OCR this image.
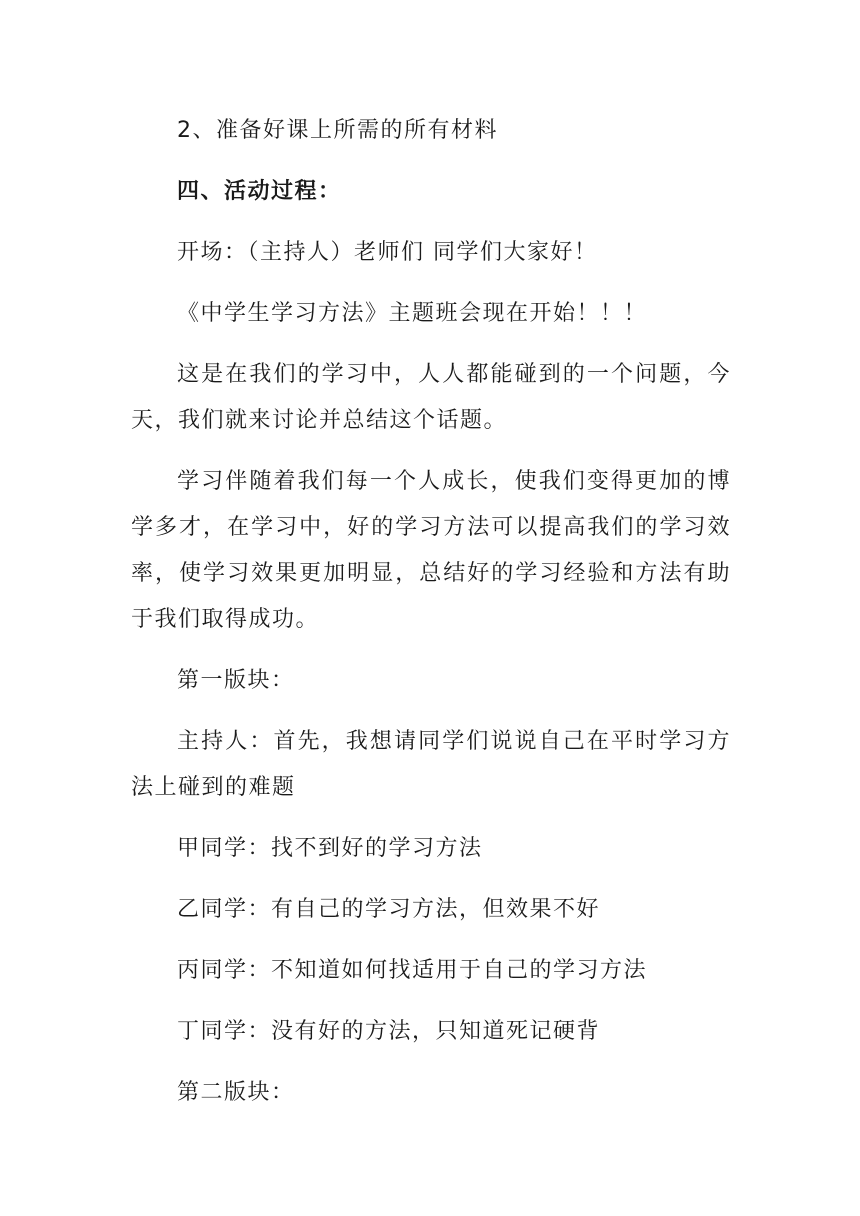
2、准备好课上所需的所有材料

四、活动过程：

开场：（主持人）老师们 同学们大家好！

《中学生学习方法》主题班会现在开始！！！

这是在我们的学习中，人人都能碰到的一个问题，今天，我们就来讨论并总结这个话题。

学习伴随着我们每一个人成长，使我们变得更加的博学多才，在学习中，好的学习方法可以提高我们的学习效率，使学习效果更加明显，总结好的学习经验和方法有助于我们取得成功。

第一版块：

主持人：首先，我想请同学们说说自己在平时学习方法上碰到的难题

甲同学：找不到好的学习方法

乙同学：有自己的学习方法，但效果不好

丙同学：不知道如何找适用于自己的学习方法

丁同学：没有好的方法，只知道死记硬背

第二版块：
